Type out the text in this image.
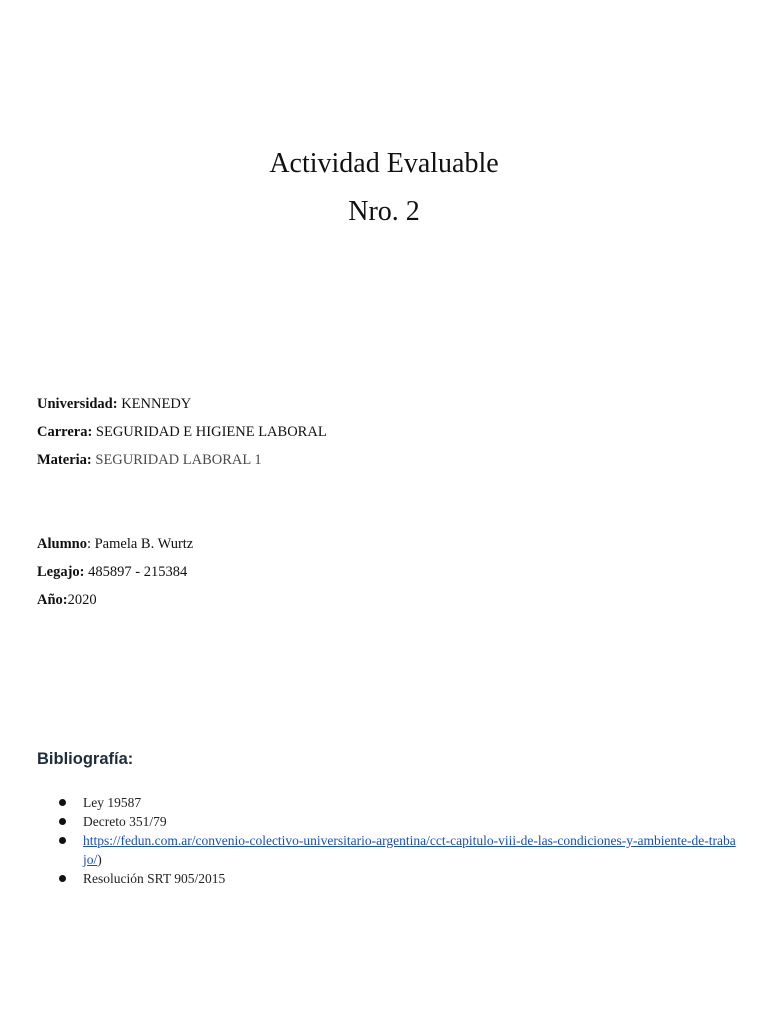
Actividad Evaluable

Nro. 2

Universidad: KENNEDY

Carrera: SEGURIDAD E HIGIENE LABORAL

Materia: SEGURIDAD LABORAL 1

Alumno: Pamela B. Wurtz

Legajo: 485897 - 215384

Año:2020

Bibliografía:
Ley 19587
Decreto 351/79
https://fedun.com.ar/convenio-colectivo-universitario-argentina/cct-capitulo-viii-de-las-condiciones-y-ambiente-de-trabajo/)
Resolución SRT 905/2015
